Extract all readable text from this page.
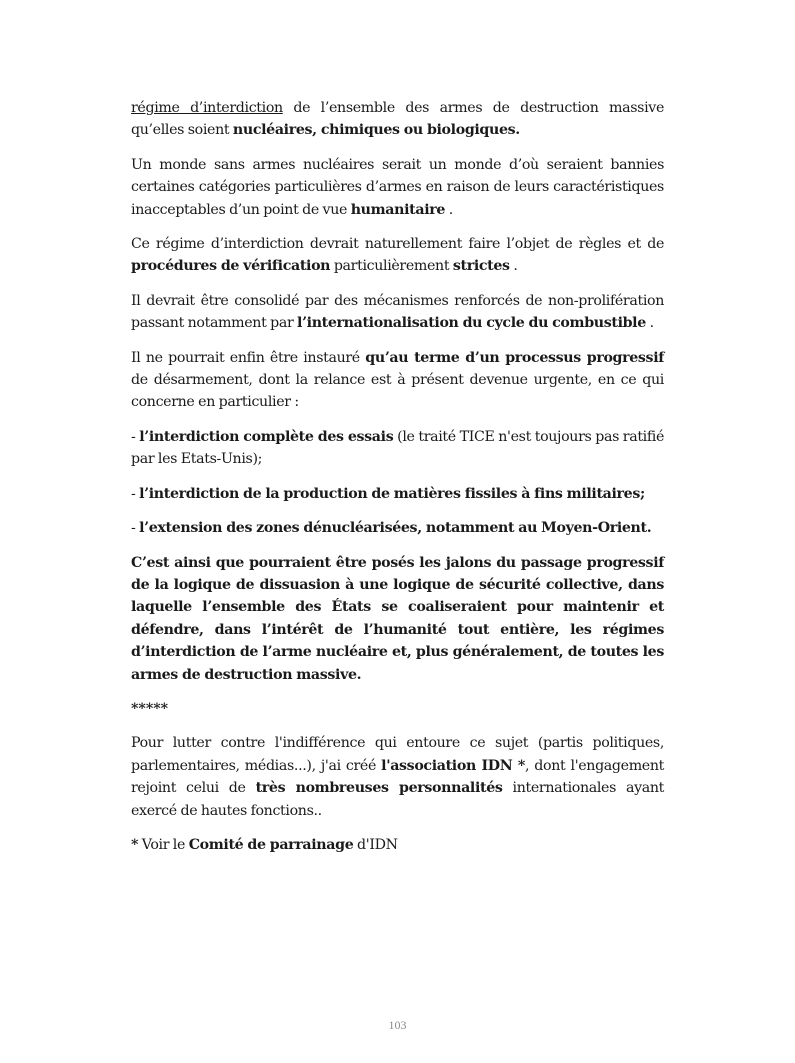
régime d’interdiction de l’ensemble des armes de destruction massive qu’elles soient nucléaires, chimiques ou biologiques.

Un monde sans armes nucléaires serait un monde d’où seraient bannies certaines catégories particulières d’armes en raison de leurs caractéristiques inacceptables d’un point de vue humanitaire .

Ce régime d’interdiction devrait naturellement faire l’objet de règles et de procédures de vérification particulièrement strictes .

Il devrait être consolidé par des mécanismes renforcés de non-prolifération passant notamment par l’internationalisation du cycle du combustible .

Il ne pourrait enfin être instauré qu’au terme d’un processus progressif de désarmement, dont la relance est à présent devenue urgente, en ce qui concerne en particulier :

- l’interdiction complète des essais (le traité TICE n'est toujours pas ratifié par les Etats-Unis);

- l’interdiction de la production de matières fissiles à fins militaires;

- l’extension des zones dénucléarisées, notamment au Moyen-Orient.

C’est ainsi que pourraient être posés les jalons du passage progressif de la logique de dissuasion à une logique de sécurité collective, dans laquelle l’ensemble des États se coaliseraient pour maintenir et défendre, dans l’intérêt de l’humanité tout entière, les régimes d’interdiction de l’arme nucléaire et, plus généralement, de toutes les armes de destruction massive.

*****

Pour lutter contre l'indifférence qui entoure ce sujet (partis politiques, parlementaires, médias...), j'ai créé l'association IDN *, dont l'engagement rejoint celui de très nombreuses personnalités internationales ayant exercé de hautes fonctions..

* Voir le Comité de parrainage d'IDN

103
